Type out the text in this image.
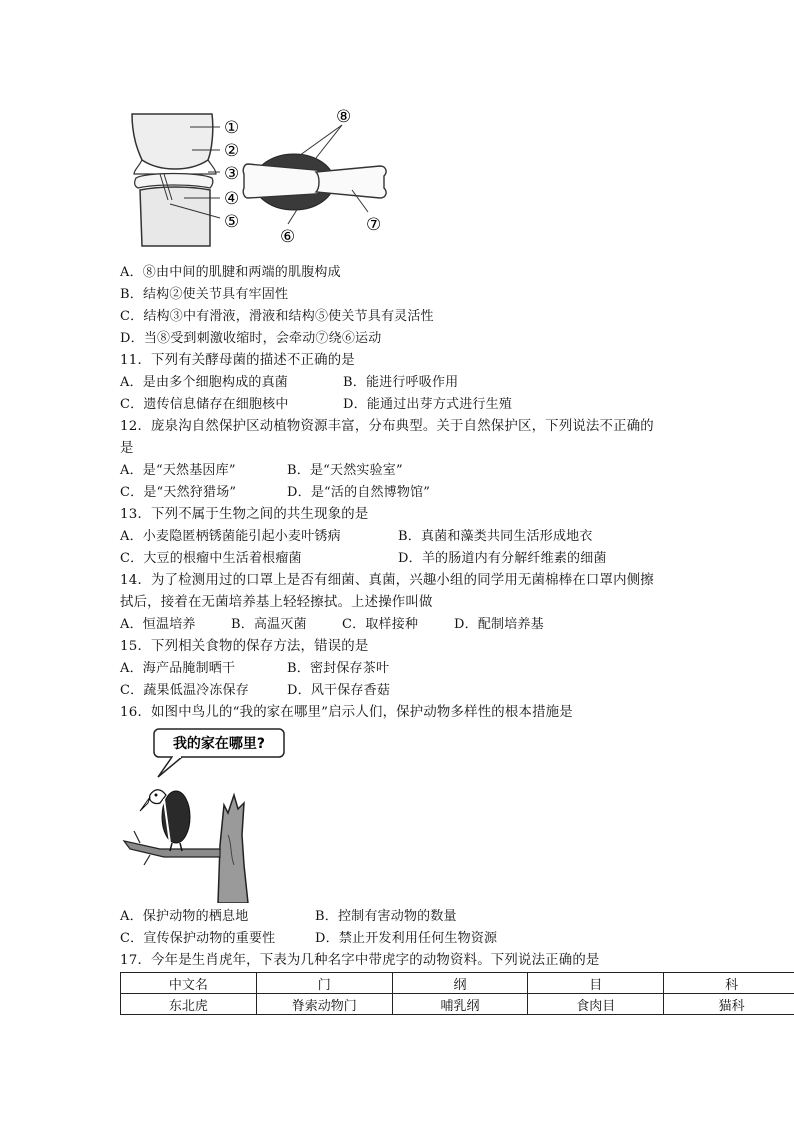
①
②
③
④
⑤
⑧
⑥
⑦
A．⑧由中间的肌腱和两端的肌腹构成
B．结构②使关节具有牢固性
C．结构③中有滑液，滑液和结构⑤使关节具有灵活性
D．当⑧受到刺激收缩时，会牵动⑦绕⑥运动
11．下列有关酵母菌的描述不正确的是
A．是由多个细胞构成的真菌	B．能进行呼吸作用
C．遗传信息储存在细胞核中	D．能通过出芽方式进行生殖
12．庞泉沟自然保护区动植物资源丰富，分布典型。关于自然保护区，下列说法不正确的
是
A．是“天然基因库”	B．是“天然实验室”
C．是“天然狩猎场”	D．是“活的自然博物馆”
13．下列不属于生物之间的共生现象的是
A．小麦隐匿柄锈菌能引起小麦叶锈病	B．真菌和藻类共同生活形成地衣
C．大豆的根瘤中生活着根瘤菌	D．羊的肠道内有分解纤维素的细菌
14．为了检测用过的口罩上是否有细菌、真菌，兴趣小组的同学用无菌棉棒在口罩内侧擦
拭后，接着在无菌培养基上轻轻擦拭。上述操作叫做
A．恒温培养	B．高温灭菌	C．取样接种	D．配制培养基
15．下列相关食物的保存方法，错误的是
A．海产品腌制晒干	B．密封保存茶叶
C．蔬果低温冷冻保存	D．风干保存香菇
16．如图中鸟儿的“我的家在哪里”启示人们，保护动物多样性的根本措施是
我的家在哪里?
A．保护动物的栖息地	B．控制有害动物的数量
C．宣传保护动物的重要性	D．禁止开发利用任何生物资源
17．今年是生肖虎年，下表为几种名字中带虎字的动物资料。下列说法正确的是
中文名	门	纲	目	科
东北虎	脊索动物门	哺乳纲	食肉目	猫科
